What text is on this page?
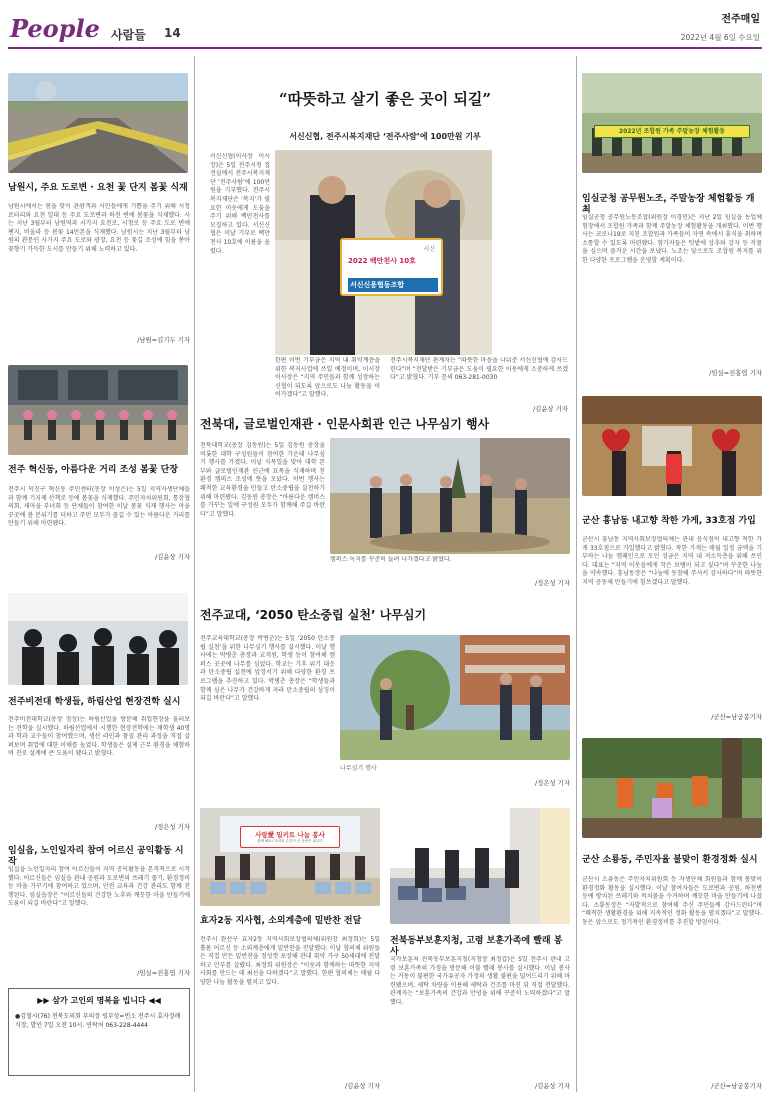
People 사람들 14
전주매일
2022년 4월 6일 수요일
남원시, 주요 도로변 · 요천 꽃 단지 봄꽃 식재
남원시에서는 봄을 맞이 관광객과 시민들에게 기쁨을 주기 위해 시청 로터리와 요천 일대 등 주요 도로변과 하천 변에 봄꽃을 식재했다. 시는 지난 3월부터 남원역과 시가지 요천로, 시청로 등 주요 도로 변에 팬지, 비올라 등 봄꽃 14만본을 식재했다. 남원시는 지난 3월부터 남원의 관문인 시가지 주요 도로와 광장, 요천 등 꽃길 조성에 힘을 쏟아 꽃향기 가득한 도시를 만들기 위해 노력하고 있다.
/남원=김기두 기자
전주 혁신동, 아름다운 거리 조성 봄꽃 단장
전주시 덕진구 혁신동 주민센터(동장 이성은)는 5일 지역자생단체들과 함께 기지제 산책로 등에 봄꽃을 식재했다. 주민자치위원회, 통장협의회, 새마을 부녀회 등 단체들이 참여한 이날 봄꽃 식재 행사는 마을 곳곳에 봄 분위기를 더하고 주민 모두가 즐길 수 있는 아름다운 거리를 만들기 위해 마련됐다.
/김윤상 기자
전주비전대 학생들, 하림산업 현장견학 실시
전주비전대학교(총장 정성)는 하림산업을 방문해 취업현장을 둘러보는 견학을 실시했다. 하림산업에서 시행한 현장견학에는 재학생 40명과 학과 교수들이 참여했으며, 생산 라인과 품질 관리 과정을 직접 살펴보며 취업에 대한 이해를 높였다. 학생들은 실제 근무 환경을 체험하며 진로 설계에 큰 도움이 됐다고 밝혔다.
/정은성 기자
임실읍, 노인일자리 참여 어르신 공익활동 시작
임실읍 노인일자리 참여 어르신들이 지역 공익활동을 본격적으로 시작했다. 어르신들은 임실읍 관내 공원과 도로변의 쓰레기 줍기, 환경정비 등 마을 가꾸기에 참여하고 있으며, 안전 교육과 건강 관리도 함께 진행된다. 임실읍장은 “어르신들의 건강한 노후와 깨끗한 마을 만들기에 도움이 되길 바란다”고 말했다.
/임실=진홍엽 기자
▶▶ 삼가 고인의 명복을 빕니다 ◀◀
●김철시(76) 전북도의회 부의장 빙부상=빈소 전주시 효자장례식장, 발인 7일 오전 10시. 연락처 063-228-4444
“따뜻하고 살기 좋은 곳이 되길”
서신신협, 전주시복지재단 ‘전주사람’에 100만원 기부
서신신협(이사장 이시장)은 5일 전주시청 접견실에서 전주시복지재단 ‘전주사람’에 100만원을 기부했다. 전주시복지재단은 ‘복지’가 필요한 이웃에게 도움을 주기 위해 백만천사를 모집하고 있다. 서신신협은 이날 기부로 백만천사 10호에 이름을 올렸다.
2022 백만천사 10호
서신신용협동조합
서신
한편 이번 기부금은 지역 내 취약계층을 위한 복지사업에 쓰일 예정이며, 이시장 이사장은 “지역 주민들과 함께 성장하는 신협이 되도록 앞으로도 나눔 활동을 이어가겠다”고 말했다.
전주시복지재단 관계자는 “따뜻한 마음을 나눠준 서신신협에 감사드린다”며 “전달받은 기부금은 도움이 필요한 이웃에게 소중하게 쓰겠다”고 밝혔다. 기부 문의 063-281-0030
/김윤상 기자
전북대, 글로벌인재관 · 인문사회관 인근 나무심기 행사
전북대학교(총장 김동원)는 5일 김동원 총장을 비롯한 대학 구성원들이 참여한 가운데 나무심기 행사를 가졌다. 이날 식목일을 맞아 대학 본부와 글로벌인재관 인근에 묘목을 식재하며 친환경 캠퍼스 조성에 뜻을 모았다. 이번 행사는 쾌적한 교육환경을 만들고 탄소중립을 실천하기 위해 마련됐다. 김동원 총장은 “아름다운 캠퍼스를 가꾸는 일에 구성원 모두가 함께해 주길 바란다”고 말했다.
캠퍼스 녹지를 꾸준히 늘려 나가겠다고 밝혔다.
/정은성 기자
전주교대, ‘2050 탄소중립 실천’ 나무심기
전주교육대학교(총장 박병춘)는 5일 ‘2050 탄소중립 실천’을 위한 나무심기 행사를 실시했다. 이날 행사에는 박병춘 총장과 교직원, 학생 등이 참여해 캠퍼스 곳곳에 나무를 심었다. 학교는 기후 위기 대응과 탄소중립 실천에 앞장서기 위해 다양한 환경 프로그램을 추진하고 있다. 박병춘 총장은 “학생들과 함께 심은 나무가 건강하게 자라 탄소중립의 상징이 되길 바란다”고 말했다.
나무심기 행사
/정은성 기자
사랑愛 밀키트 나눔 봉사
함께 해요! 우리의 손길이 큰 사랑이 됩니다
효자2동 지사협, 소외계층에 밑반찬 전달
전주시 완산구 효자2동 지역사회보장협의체(위원장 최정희)는 5일 홀몸 어르신 등 소외계층에게 밑반찬을 전달했다. 이날 협의체 위원들은 직접 만든 밑반찬을 정성껏 포장해 관내 취약 가구 50세대에 전달하고 안부를 살폈다. 최정희 위원장은 “이웃과 함께하는 따뜻한 지역사회를 만드는 데 최선을 다하겠다”고 말했다. 한편 협의체는 매월 다양한 나눔 활동을 펼치고 있다.
/김윤상 기자
전북동부보훈지청, 고령 보훈가족에 빨래 봉사
국가보훈처 전북동부보훈지청(지청장 최정갑)은 5일 전주시 관내 고령 보훈가족의 가정을 방문해 이불 빨래 봉사를 실시했다. 이날 봉사는 거동이 불편한 국가유공자 가정의 생활 불편을 덜어드리기 위해 마련됐으며, 세탁 차량을 이용해 세탁과 건조를 마친 뒤 직접 전달했다. 관계자는 “보훈가족의 건강과 안녕을 위해 꾸준히 노력하겠다”고 말했다.
/김윤상 기자
2022년 조합원 가족 주말농장 체험활동
임실군청 공무원노조, 주말농장 체험활동 개최
임실군청 공무원노동조합(위원장 이경민)은 지난 2일 임실읍 농업체험장에서 조합원 가족과 함께 주말농장 체험활동을 개최했다. 이번 행사는 코로나19로 지친 조합원과 가족들이 자연 속에서 휴식을 취하며 소통할 수 있도록 마련됐다. 참가자들은 텃밭에 상추와 감자 등 작물을 심으며 즐거운 시간을 보냈다. 노조는 앞으로도 조합원 복지를 위한 다양한 프로그램을 운영할 계획이다.
/임실=진홍엽 기자
군산 흥남동 내고향 착한 가게, 33호점 가입
군산시 흥남동 지역사회보장협의체는 관내 음식점이 내고향 착한 가게 33호점으로 가입했다고 밝혔다. 착한 가게는 매월 일정 금액을 기부하는 나눔 캠페인으로 모인 성금은 지역 내 저소득층을 위해 쓰인다. 대표는 “지역 이웃들에게 작은 보탬이 되고 싶다”며 꾸준한 나눔을 약속했다. 흥남동장은 “나눔에 동참해 주셔서 감사하다”며 따뜻한 지역 공동체 만들기에 힘쓰겠다고 말했다.
/군산=남궁봉기자
군산 소룡동, 주민자율 불맞이 환경정화 실시
군산시 소룡동은 주민자치위원회 등 자생단체 회원들과 함께 봄맞이 환경정화 활동을 실시했다. 이날 참여자들은 도로변과 공원, 하천변 등에 방치된 쓰레기와 적치물을 수거하며 깨끗한 마을 만들기에 나섰다. 소룡동장은 “자발적으로 참여해 주신 주민들께 감사드린다”며 “쾌적한 생활환경을 위해 지속적인 정화 활동을 펼치겠다”고 말했다. 동은 앞으로도 정기적인 환경정비를 추진할 방침이다.
/군산=남궁봉기자
